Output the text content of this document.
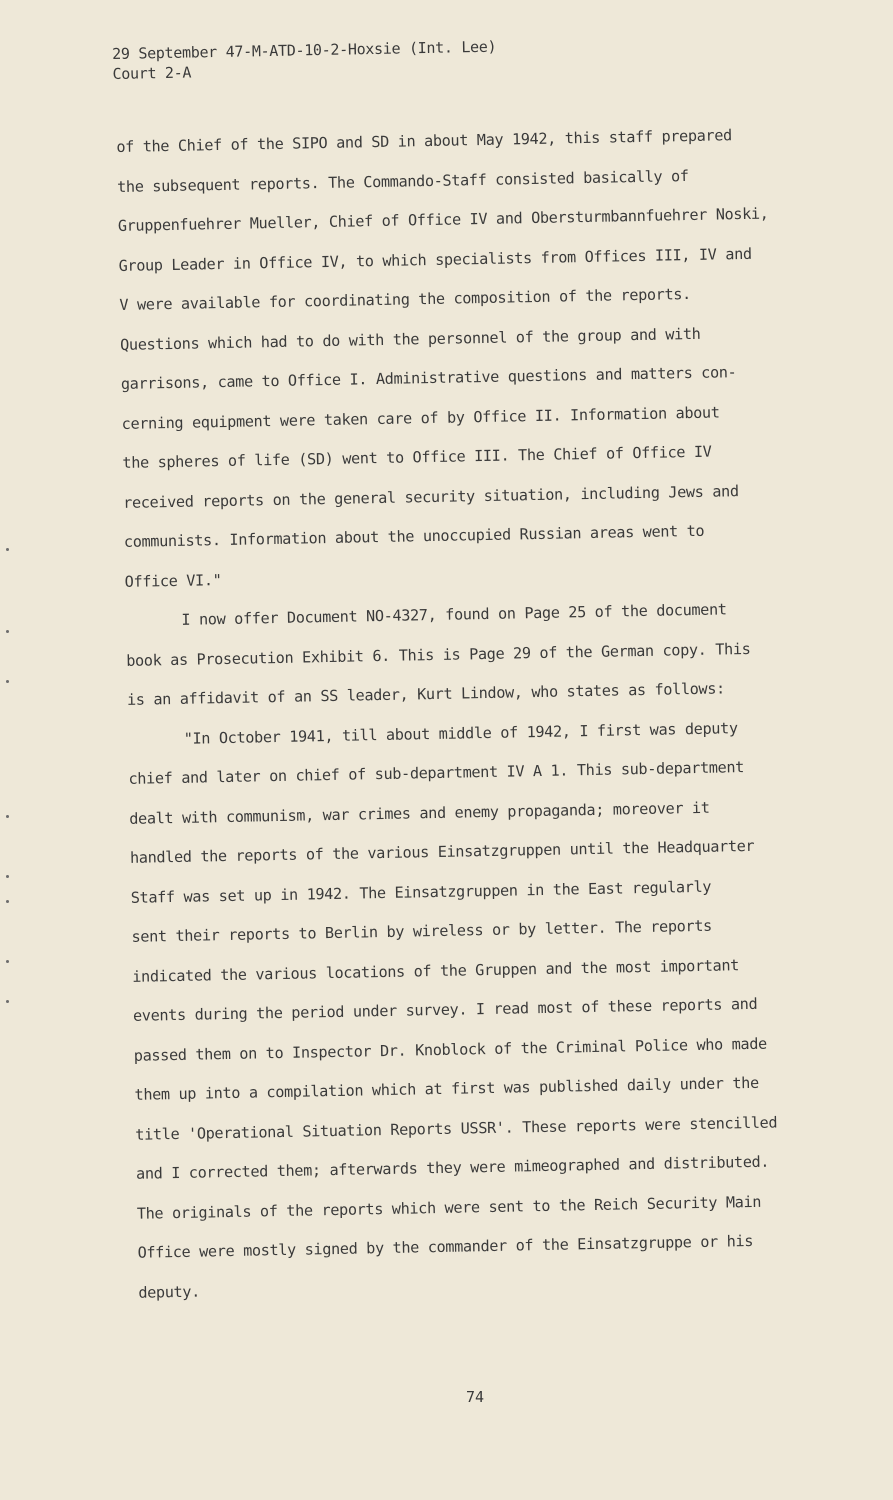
29 September 47-M-ATD-10-2-Hoxsie (Int. Lee)
Court 2-A
of the Chief of the SIPO and SD in about May 1942, this staff prepared
the subsequent reports. The Commando-Staff consisted basically of
Gruppenfuehrer Mueller, Chief of Office IV and Obersturmbannfuehrer Noski,
Group Leader in Office IV, to which specialists from Offices III, IV and
V were available for coordinating the composition of the reports.
Questions which had to do with the personnel of the group and with
garrisons, came to Office I. Administrative questions and matters con-
cerning equipment were taken care of by Office II. Information about
the spheres of life (SD) went to Office III. The Chief of Office IV
received reports on the general security situation, including Jews and
communists. Information about the unoccupied Russian areas went to
Office VI."
I now offer Document NO-4327, found on Page 25 of the document
book as Prosecution Exhibit 6. This is Page 29 of the German copy. This
is an affidavit of an SS leader, Kurt Lindow, who states as follows:
"In October 1941, till about middle of 1942, I first was deputy
chief and later on chief of sub-department IV A 1. This sub-department
dealt with communism, war crimes and enemy propaganda; moreover it
handled the reports of the various Einsatzgruppen until the Headquarter
Staff was set up in 1942. The Einsatzgruppen in the East regularly
sent their reports to Berlin by wireless or by letter. The reports
indicated the various locations of the Gruppen and the most important
events during the period under survey. I read most of these reports and
passed them on to Inspector Dr. Knoblock of the Criminal Police who made
them up into a compilation which at first was published daily under the
title 'Operational Situation Reports USSR'. These reports were stencilled
and I corrected them; afterwards they were mimeographed and distributed.
The originals of the reports which were sent to the Reich Security Main
Office were mostly signed by the commander of the Einsatzgruppe or his
deputy.
74
